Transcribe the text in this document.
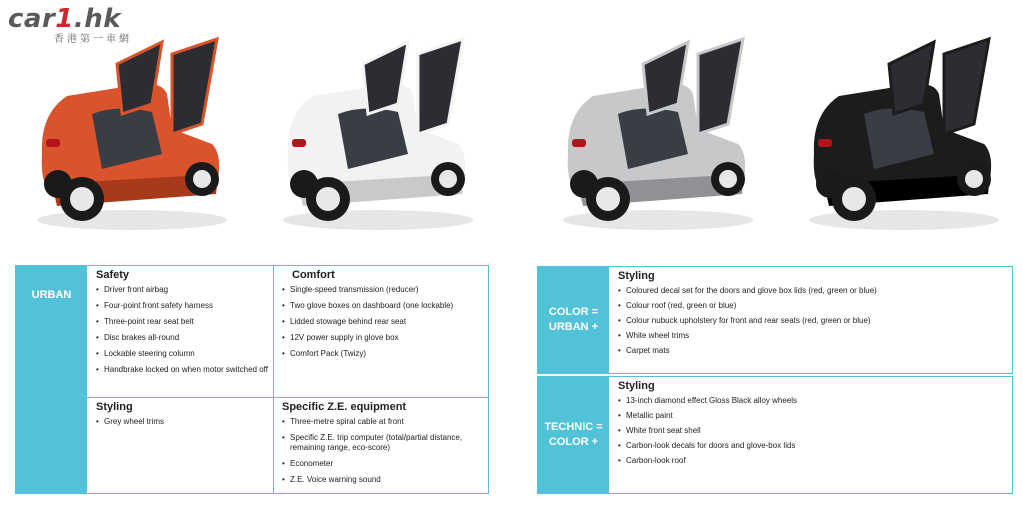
car1.hk
香港第一車網
URBAN
Safety
• Driver front airbag
• Four-point front safety harness
• Three-point rear seat belt
• Disc brakes all-round
• Lockable steering column
• Handbrake locked on when motor switched off
Comfort
• Single-speed transmission (reducer)
• Two glove boxes on dashboard (one lockable)
• Lidded stowage behind rear seat
• 12V power supply in glove box
• Comfort Pack (Twizy)
Styling
• Grey wheel trims
Specific Z.E. equipment
• Three-metre spiral cable at front
• Specific Z.E. trip computer (total/partial distance, remaining range, eco-score)
• Econometer
• Z.E. Voice warning sound
COLOR =
URBAN +
Styling
• Coloured decal set for the doors and glove box lids (red, green or blue)
• Colour roof (red, green or blue)
• Colour nubuck upholstery for front and rear seats (red, green or blue)
• White wheel trims
• Carpet mats
TECHNIC =
COLOR +
Styling
• 13-inch diamond effect Gloss Black alloy wheels
• Metallic paint
• White front seat shell
• Carbon-look decals for doors and glove-box lids
• Carbon-look roof
